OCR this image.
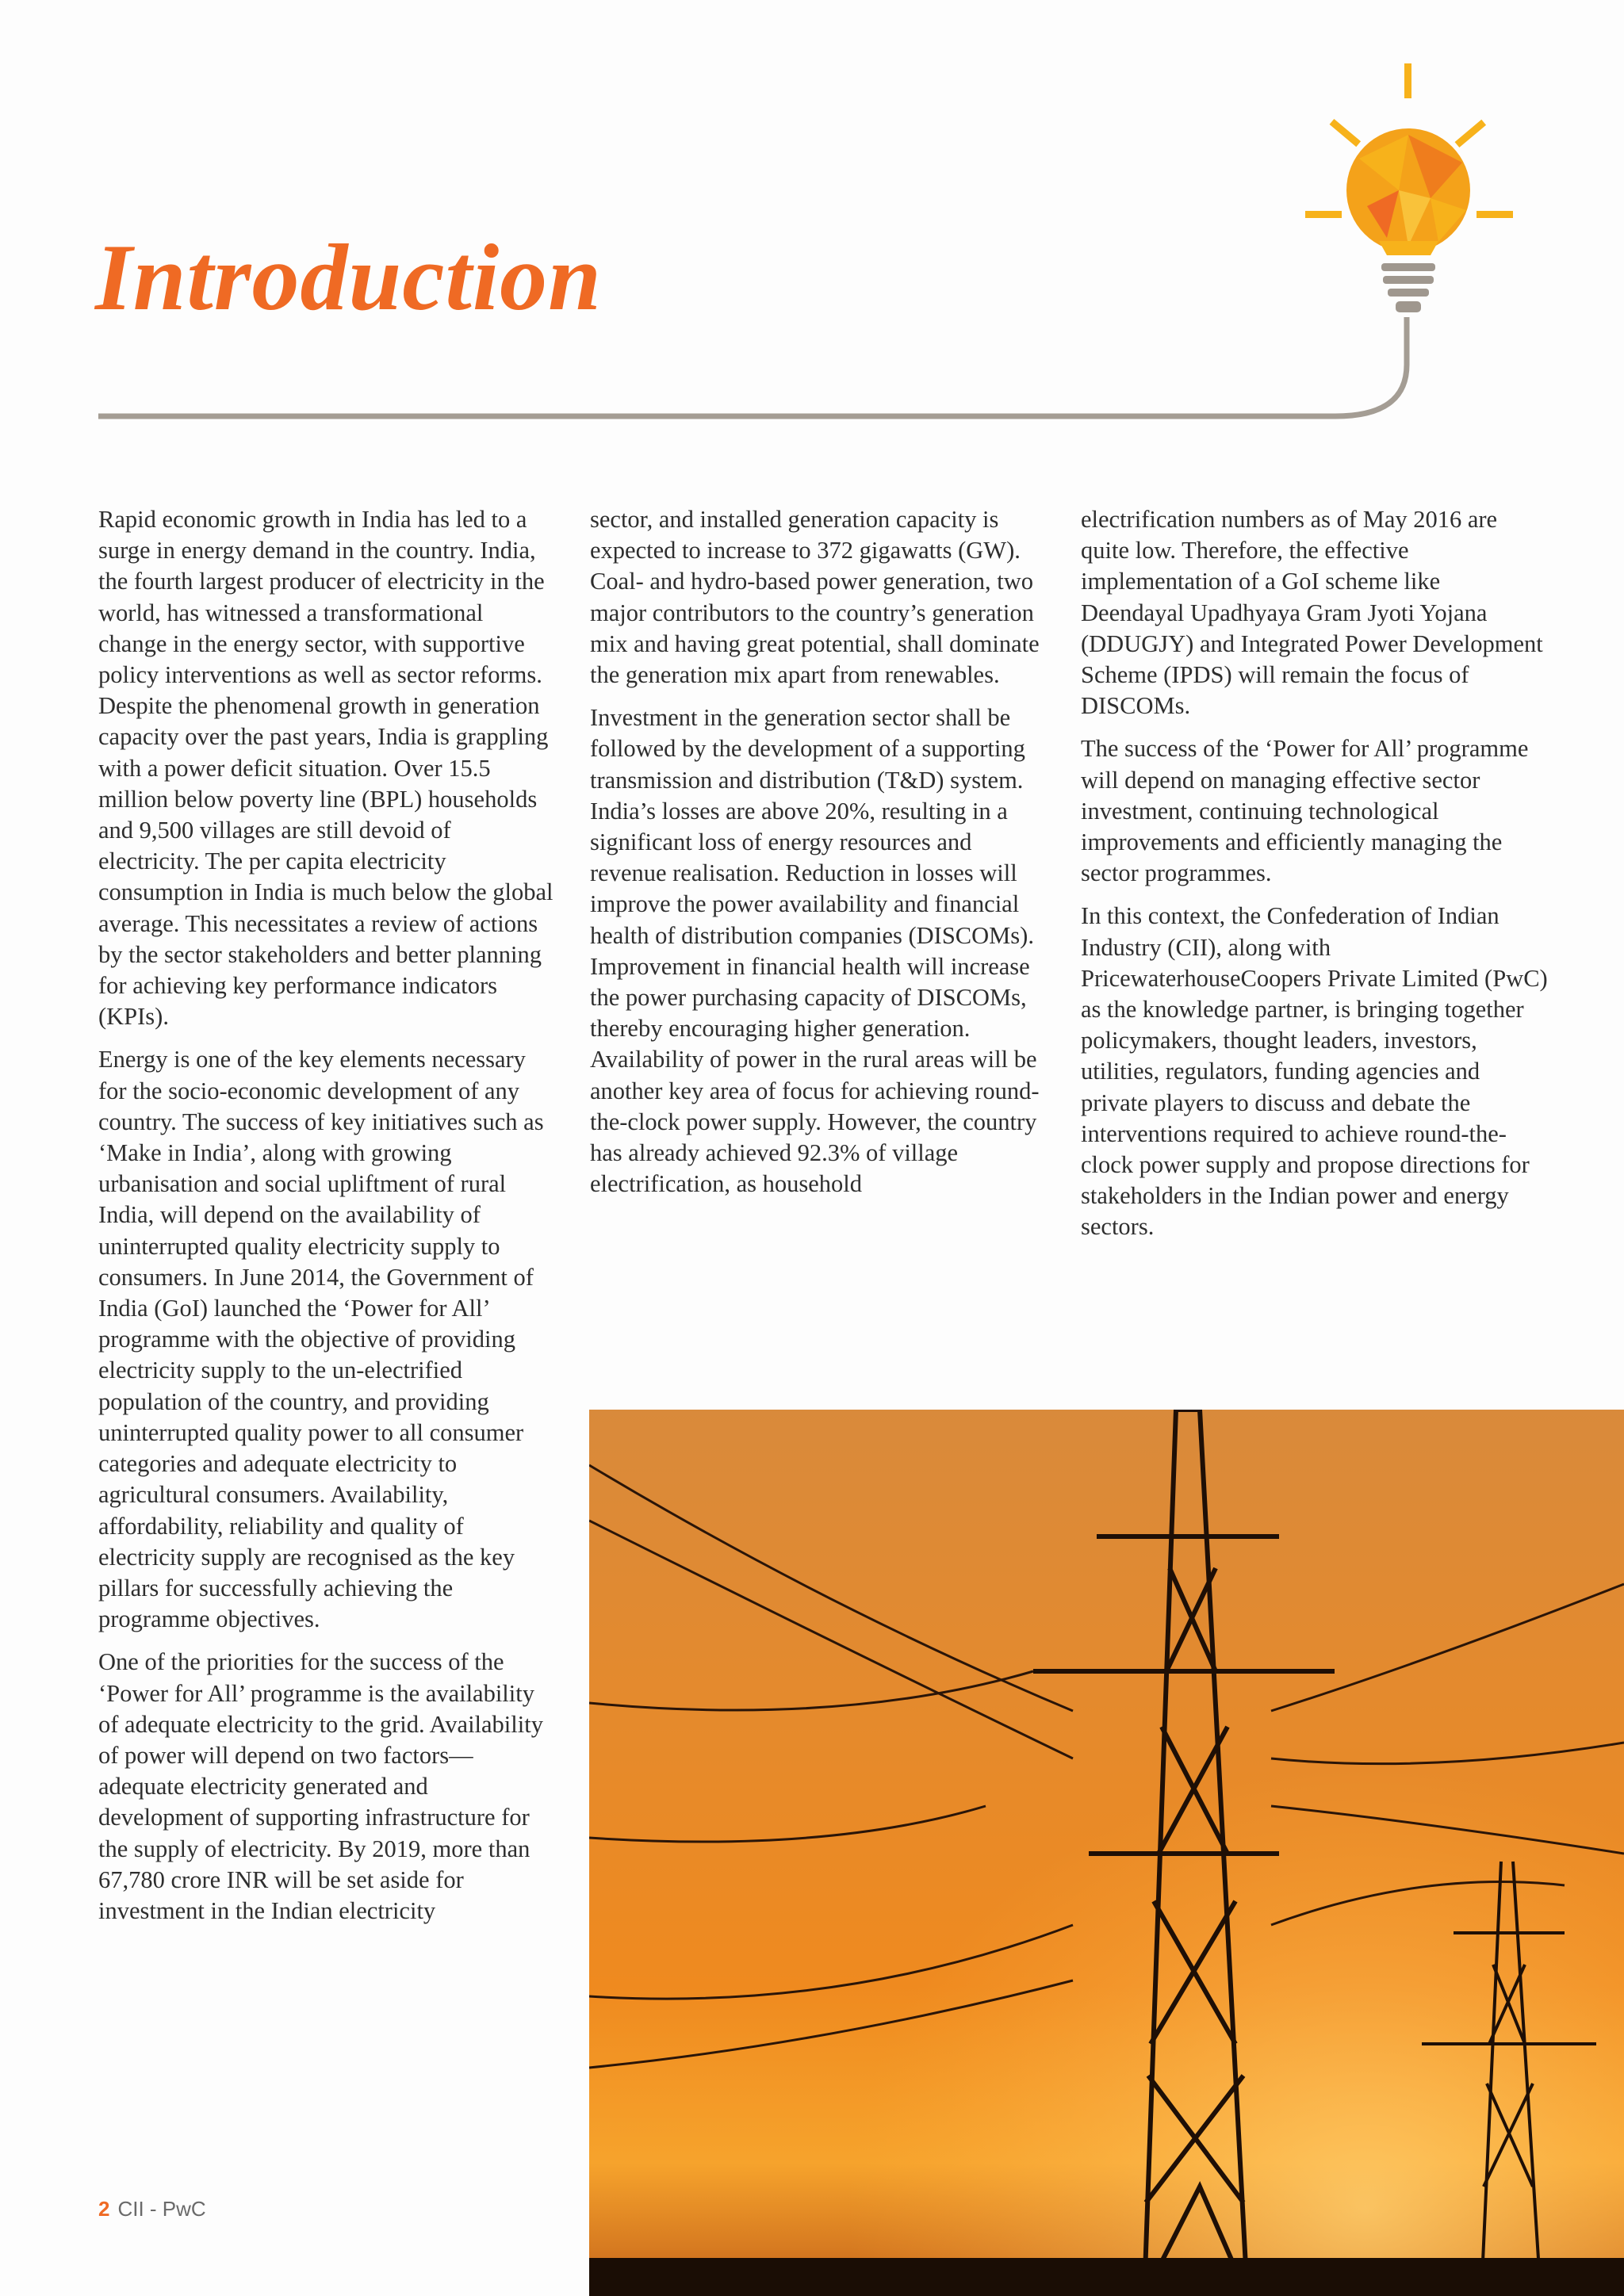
Introduction

Rapid economic growth in India has led to a surge in energy demand in the country. India, the fourth largest producer of electricity in the world, has witnessed a transformational change in the energy sector, with supportive policy interventions as well as sector reforms. Despite the phenomenal growth in generation capacity over the past years, India is grappling with a power deficit situation. Over 15.5 million below poverty line (BPL) households and 9,500 villages are still devoid of electricity. The per capita electricity consumption in India is much below the global average. This necessitates a review of actions by the sector stakeholders and better planning for achieving key performance indicators (KPIs).

Energy is one of the key elements necessary for the socio-economic development of any country. The success of key initiatives such as ‘Make in India’, along with growing urbanisation and social upliftment of rural India, will depend on the availability of uninterrupted quality electricity supply to consumers. In June 2014, the Government of India (GoI) launched the ‘Power for All’ programme with the objective of providing electricity supply to the un-electrified population of the country, and providing uninterrupted quality power to all consumer categories and adequate electricity to agricultural consumers. Availability, affordability, reliability and quality of electricity supply are recognised as the key pillars for successfully achieving the programme objectives.

One of the priorities for the success of the ‘Power for All’ programme is the availability of adequate electricity to the grid. Availability of power will depend on two factors—adequate electricity generated and development of supporting infrastructure for the supply of electricity. By 2019, more than 67,780 crore INR will be set aside for investment in the Indian electricity

sector, and installed generation capacity is expected to increase to 372 gigawatts (GW). Coal- and hydro-based power generation, two major contributors to the country’s generation mix and having great potential, shall dominate the generation mix apart from renewables.

Investment in the generation sector shall be followed by the development of a supporting transmission and distribution (T&D) system. India’s losses are above 20%, resulting in a significant loss of energy resources and revenue realisation. Reduction in losses will improve the power availability and financial health of distribution companies (DISCOMs). Improvement in financial health will increase the power purchasing capacity of DISCOMs, thereby encouraging higher generation. Availability of power in the rural areas will be another key area of focus for achieving round-the-clock power supply. However, the country has already achieved 92.3% of village electrification, as household

electrification numbers as of May 2016 are quite low. Therefore, the effective implementation of a GoI scheme like Deendayal Upadhyaya Gram Jyoti Yojana (DDUGJY) and Integrated Power Development Scheme (IPDS) will remain the focus of DISCOMs.

The success of the ‘Power for All’ programme will depend on managing effective sector investment, continuing technological improvements and efficiently managing the sector programmes.

In this context, the Confederation of Indian Industry (CII), along with PricewaterhouseCoopers Private Limited (PwC) as the knowledge partner, is bringing together policymakers, thought leaders, investors, utilities, regulators, funding agencies and private players to discuss and debate the interventions required to achieve round-the-clock power supply and propose directions for stakeholders in the Indian power and energy sectors.

2 CII - PwC
